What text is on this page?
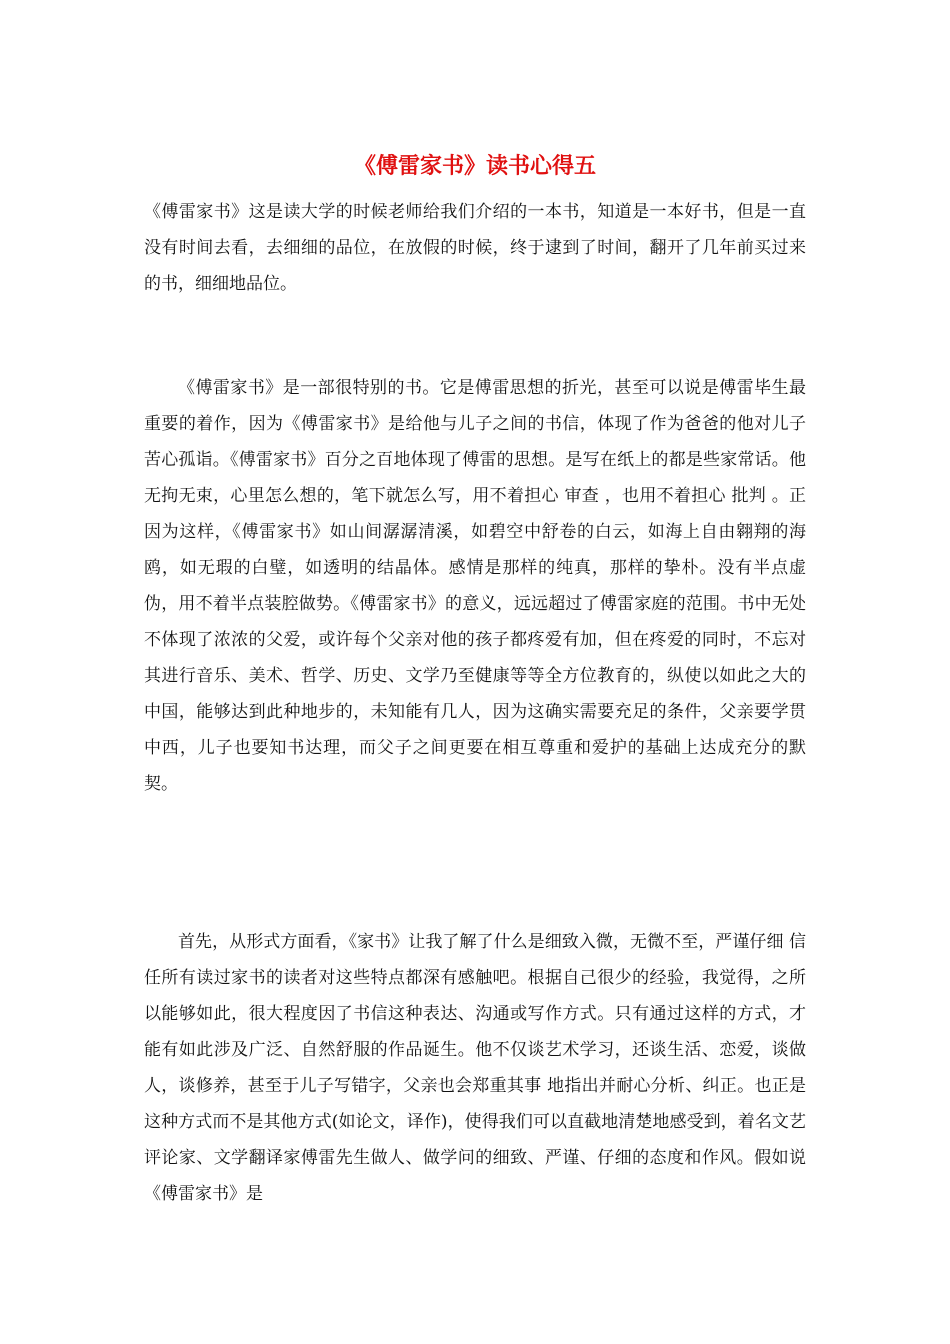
《傅雷家书》读书心得五

《傅雷家书》这是读大学的时候老师给我们介绍的一本书，知道是一本好书，但是一直没有时间去看，去细细的品位，在放假的时候，终于逮到了时间，翻开了几年前买过来的书，细细地品位。

《傅雷家书》是一部很特别的书。它是傅雷思想的折光，甚至可以说是傅雷毕生最重要的着作，因为《傅雷家书》是给他与儿子之间的书信，体现了作为爸爸的他对儿子苦心孤诣。《傅雷家书》百分之百地体现了傅雷的思想。是写在纸上的都是些家常话。他无拘无束，心里怎么想的，笔下就怎么写，用不着担心 审查 ，也用不着担心 批判 。正因为这样，《傅雷家书》如山间潺潺清溪，如碧空中舒卷的白云，如海上自由翱翔的海鸥，如无瑕的白璧，如透明的结晶体。感情是那样的纯真，那样的挚朴。没有半点虚伪，用不着半点装腔做势。《傅雷家书》的意义，远远超过了傅雷家庭的范围。书中无处不体现了浓浓的父爱，或许每个父亲对他的孩子都疼爱有加，但在疼爱的同时，不忘对其进行音乐、美术、哲学、历史、文学乃至健康等等全方位教育的，纵使以如此之大的中国，能够达到此种地步的，未知能有几人，因为这确实需要充足的条件，父亲要学贯中西，儿子也要知书达理，而父子之间更要在相互尊重和爱护的基础上达成充分的默契。

首先，从形式方面看，《家书》让我了解了什么是细致入微，无微不至，严谨仔细 信任所有读过家书的读者对这些特点都深有感触吧。根据自己很少的经验，我觉得，之所以能够如此，很大程度因了书信这种表达、沟通或写作方式。只有通过这样的方式，才能有如此涉及广泛、自然舒服的作品诞生。他不仅谈艺术学习，还谈生活、恋爱，谈做人，谈修养，甚至于儿子写错字，父亲也会郑重其事 地指出并耐心分析、纠正。也正是这种方式而不是其他方式(如论文，译作)，使得我们可以直截地清楚地感受到，着名文艺评论家、文学翻译家傅雷先生做人、做学问的细致、严谨、仔细的态度和作风。假如说《傅雷家书》是
